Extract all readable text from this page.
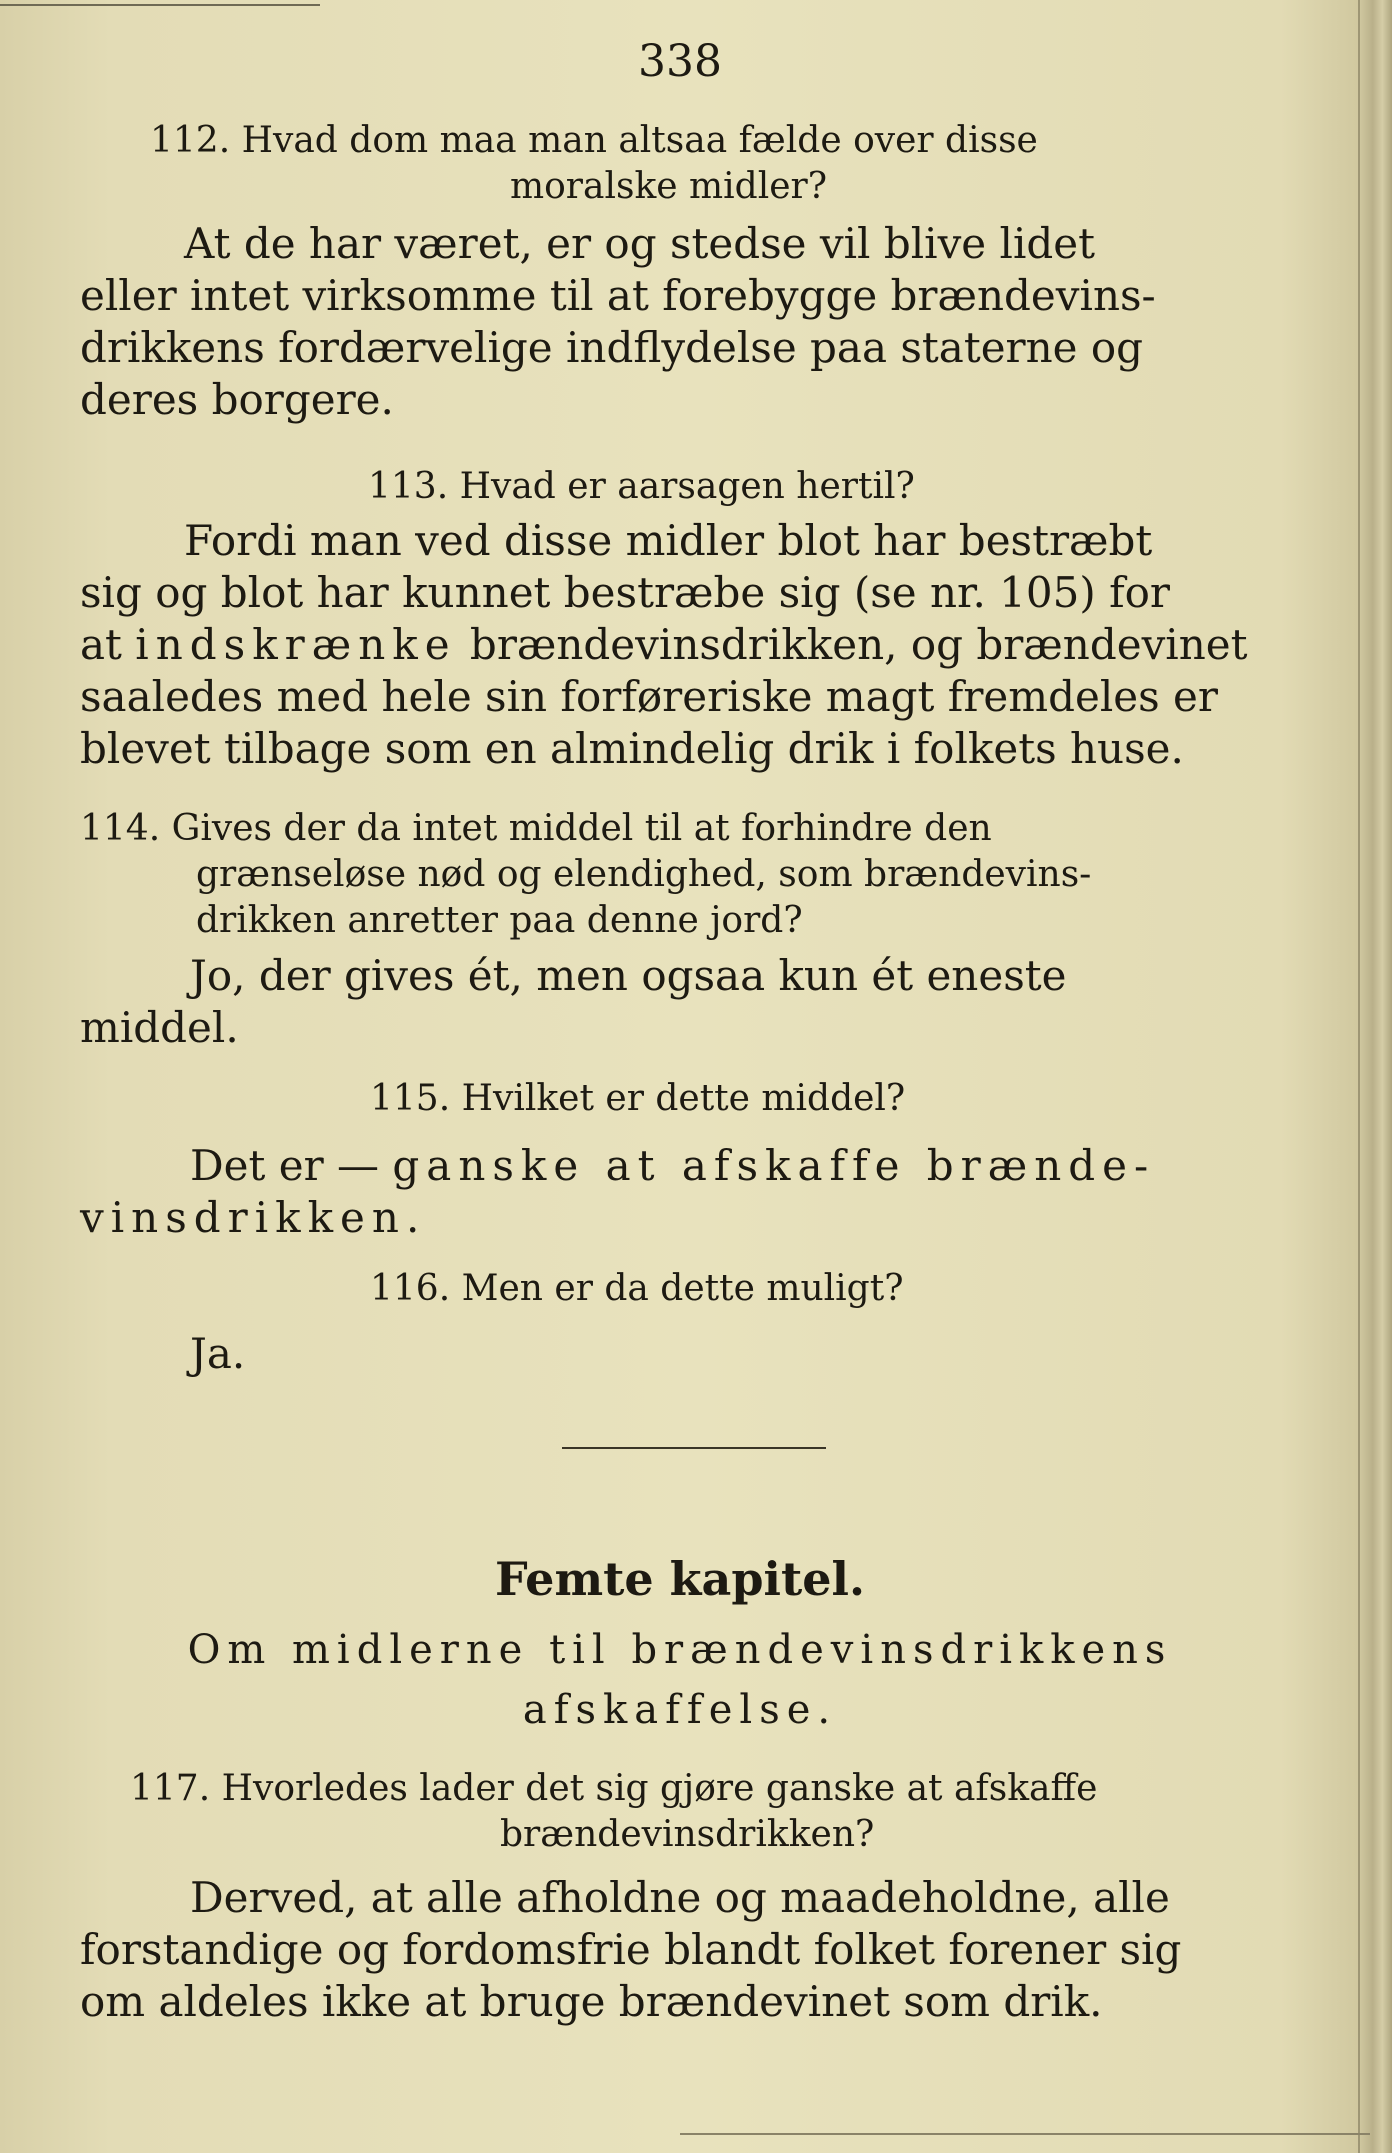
338
112. Hvad dom maa man altsaa fælde over disse
moralske midler?
At de har været, er og stedse vil blive lidet
eller intet virksomme til at forebygge brændevins-
drikkens fordærvelige indflydelse paa staterne og
deres borgere.
113. Hvad er aarsagen hertil?
Fordi man ved disse midler blot har bestræbt
sig og blot har kunnet bestræbe sig (se nr. 105) for
at indskrænke brændevinsdrikken, og brændevinet
saaledes med hele sin forføreriske magt fremdeles er
blevet tilbage som en almindelig drik i folkets huse.
114. Gives der da intet middel til at forhindre den
grænseløse nød og elendighed, som brændevins-
drikken anretter paa denne jord?
Jo, der gives ét, men ogsaa kun ét eneste
middel.
115. Hvilket er dette middel?
Det er — ganske at afskaffe brænde-
vinsdrikken.
116. Men er da dette muligt?
Ja.
Femte kapitel.
Om midlerne til brændevinsdrikkens
afskaffelse.
117. Hvorledes lader det sig gjøre ganske at afskaffe
brændevinsdrikken?
Derved, at alle afholdne og maadeholdne, alle
forstandige og fordomsfrie blandt folket forener sig
om aldeles ikke at bruge brændevinet som drik.
